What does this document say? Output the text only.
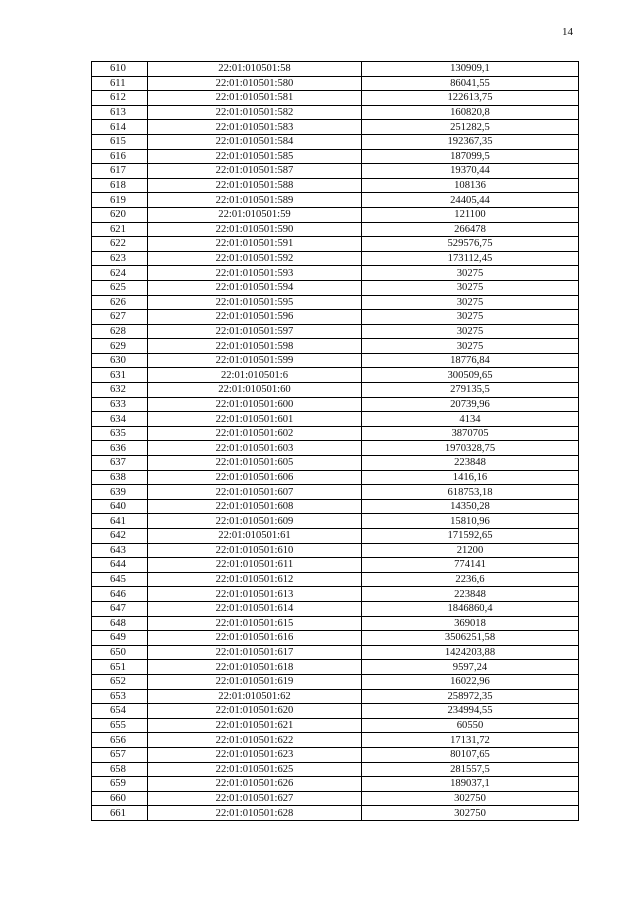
14
610	22:01:010501:58	130909,1
611	22:01:010501:580	86041,55
612	22:01:010501:581	122613,75
613	22:01:010501:582	160820,8
614	22:01:010501:583	251282,5
615	22:01:010501:584	192367,35
616	22:01:010501:585	187099,5
617	22:01:010501:587	19370,44
618	22:01:010501:588	108136
619	22:01:010501:589	24405,44
620	22:01:010501:59	121100
621	22:01:010501:590	266478
622	22:01:010501:591	529576,75
623	22:01:010501:592	173112,45
624	22:01:010501:593	30275
625	22:01:010501:594	30275
626	22:01:010501:595	30275
627	22:01:010501:596	30275
628	22:01:010501:597	30275
629	22:01:010501:598	30275
630	22:01:010501:599	18776,84
631	22:01:010501:6	300509,65
632	22:01:010501:60	279135,5
633	22:01:010501:600	20739,96
634	22:01:010501:601	4134
635	22:01:010501:602	3870705
636	22:01:010501:603	1970328,75
637	22:01:010501:605	223848
638	22:01:010501:606	1416,16
639	22:01:010501:607	618753,18
640	22:01:010501:608	14350,28
641	22:01:010501:609	15810,96
642	22:01:010501:61	171592,65
643	22:01:010501:610	21200
644	22:01:010501:611	774141
645	22:01:010501:612	2236,6
646	22:01:010501:613	223848
647	22:01:010501:614	1846860,4
648	22:01:010501:615	369018
649	22:01:010501:616	3506251,58
650	22:01:010501:617	1424203,88
651	22:01:010501:618	9597,24
652	22:01:010501:619	16022,96
653	22:01:010501:62	258972,35
654	22:01:010501:620	234994,55
655	22:01:010501:621	60550
656	22:01:010501:622	17131,72
657	22:01:010501:623	80107,65
658	22:01:010501:625	281557,5
659	22:01:010501:626	189037,1
660	22:01:010501:627	302750
661	22:01:010501:628	302750
